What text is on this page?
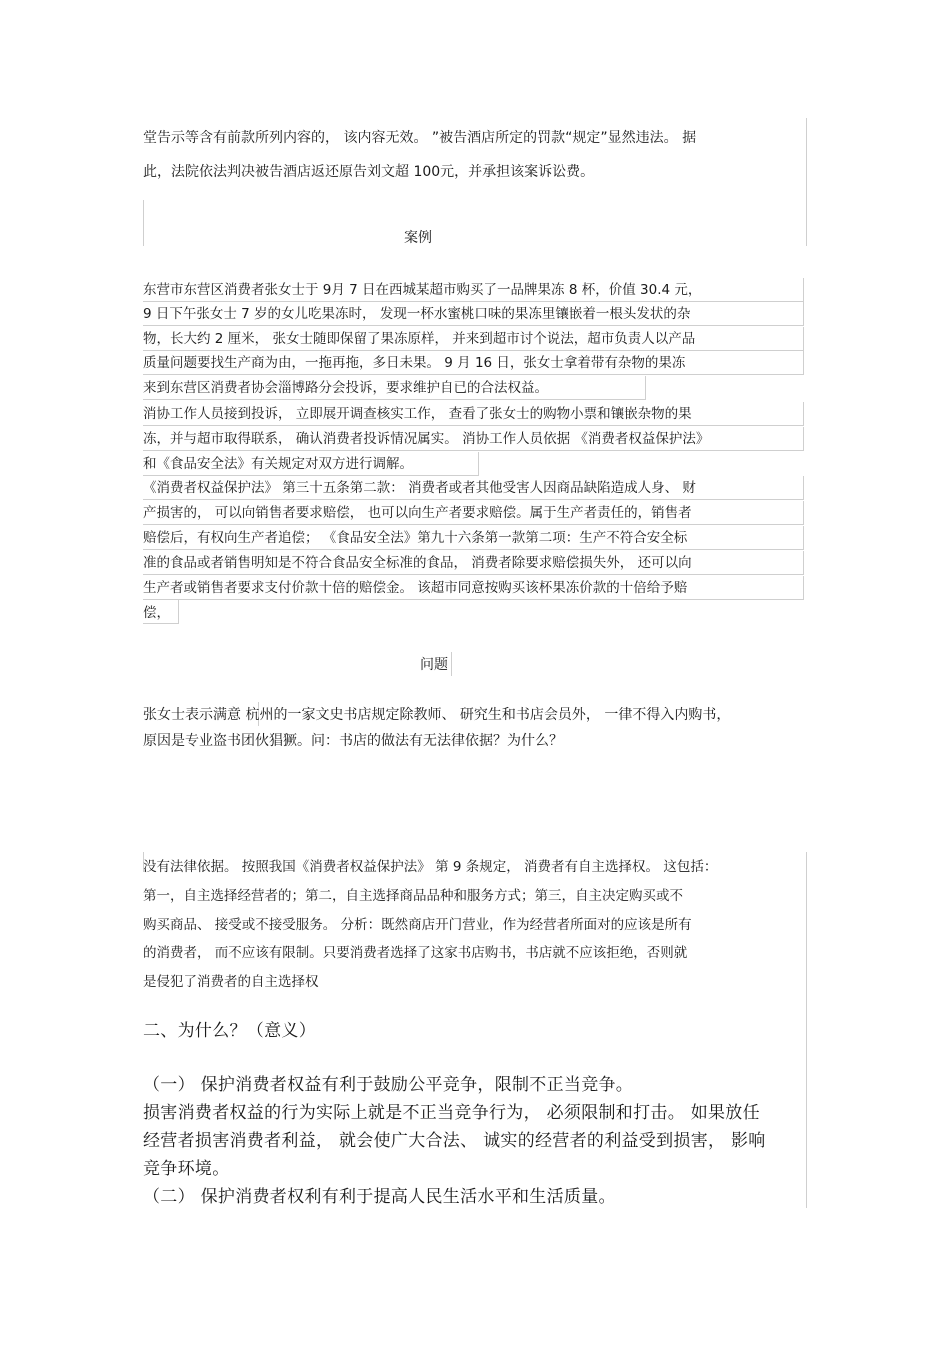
堂告示等含有前款所列内容的， 该内容无效。 ”被告酒店所定的罚款“规定”显然违法。 据
此，法院依法判决被告酒店返还原告刘文超 100元，并承担该案诉讼费。
案例
东营市东营区消费者张女士于 9月 7 日在西城某超市购买了一品牌果冻 8 杯，价值 30.4 元，
9 日下午张女士 7 岁的女儿吃果冻时， 发现一杯水蜜桃口味的果冻里镶嵌着一根头发状的杂
物，长大约 2 厘米， 张女士随即保留了果冻原样， 并来到超市讨个说法，超市负责人以产品
质量问题要找生产商为由，一拖再拖，多日未果。 9 月 16 日，张女士拿着带有杂物的果冻
来到东营区消费者协会淄博路分会投诉，要求维护自已的合法权益。
消协工作人员接到投诉， 立即展开调查核实工作， 查看了张女士的购物小票和镶嵌杂物的果
冻，并与超市取得联系， 确认消费者投诉情况属实。 消协工作人员依据 《消费者权益保护法》
和《食品安全法》有关规定对双方进行调解。
《消费者权益保护法》 第三十五条第二款： 消费者或者其他受害人因商品缺陷造成人身、 财
产损害的， 可以向销售者要求赔偿， 也可以向生产者要求赔偿。属于生产者责任的，销售者
赔偿后，有权向生产者追偿； 《食品安全法》第九十六条第一款第二项：生产不符合安全标
准的食品或者销售明知是不符合食品安全标准的食品， 消费者除要求赔偿损失外， 还可以向
生产者或销售者要求支付价款十倍的赔偿金。 该超市同意按购买该杯果冻价款的十倍给予赔
偿，
问题
张女士表示满意 杭州的一家文史书店规定除教师、 研究生和书店会员外， 一律不得入内购书，
原因是专业盗书团伙猖獗。问：书店的做法有无法律依据？为什么？
没有法律依据。 按照我国《消费者权益保护法》 第 9 条规定， 消费者有自主选择权。 这包括：
第一，自主选择经营者的；第二，自主选择商品品种和服务方式；第三，自主决定购买或不
购买商品、 接受或不接受服务。 分析：既然商店开门营业，作为经营者所面对的应该是所有
的消费者， 而不应该有限制。只要消费者选择了这家书店购书，书店就不应该拒绝，否则就
是侵犯了消费者的自主选择权
二、为什么？（意义）
（一） 保护消费者权益有利于鼓励公平竞争，限制不正当竞争。
损害消费者权益的行为实际上就是不正当竞争行为， 必须限制和打击。 如果放任
经营者损害消费者利益， 就会使广大合法、 诚实的经营者的利益受到损害， 影响
竞争环境。
（二） 保护消费者权利有利于提高人民生活水平和生活质量。
